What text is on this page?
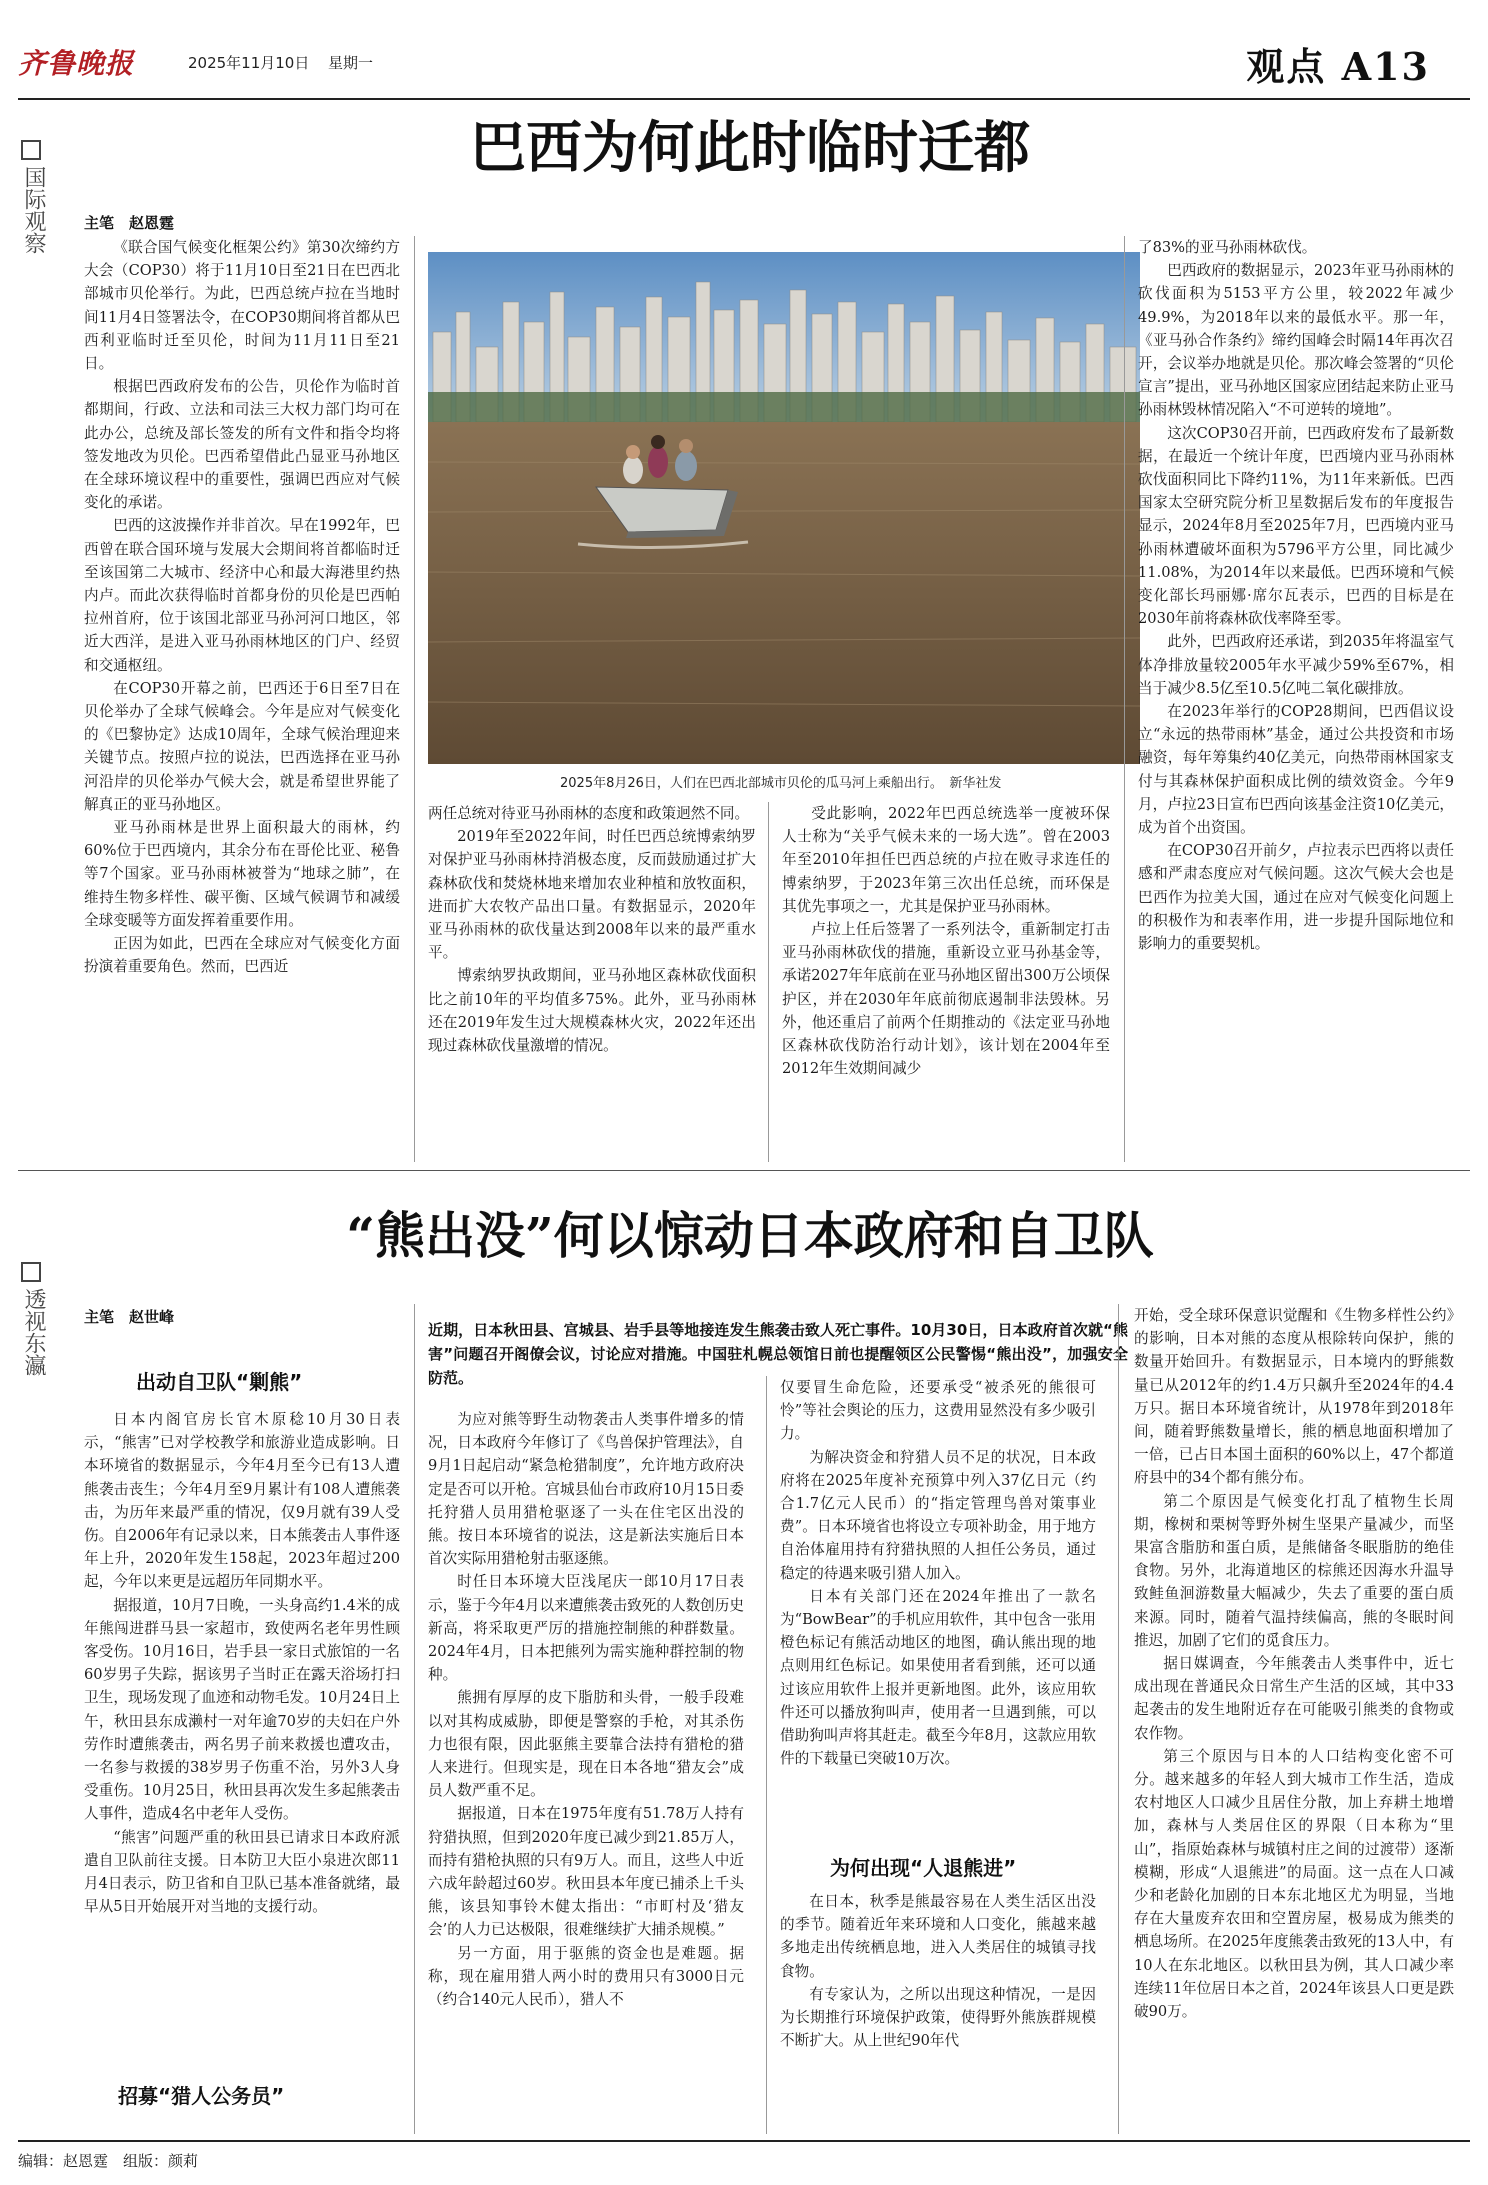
齐鲁晚报	2025年11月10日 星期一	观点 A13
国际观察
巴西为何此时临时迁都
主笔　赵恩霆

《联合国气候变化框架公约》第30次缔约方大会（COP30）将于11月10日至21日在巴西北部城市贝伦举行。为此，巴西总统卢拉在当地时间11月4日签署法令，在COP30期间将首都从巴西利亚临时迁至贝伦，时间为11月11日至21日。

根据巴西政府发布的公告，贝伦作为临时首都期间，行政、立法和司法三大权力部门均可在此办公，总统及部长签发的所有文件和指令均将签发地改为贝伦。巴西希望借此凸显亚马孙地区在全球环境议程中的重要性，强调巴西应对气候变化的承诺。

巴西的这波操作并非首次。早在1992年，巴西曾在联合国环境与发展大会期间将首都临时迁至该国第二大城市、经济中心和最大海港里约热内卢。而此次获得临时首都身份的贝伦是巴西帕拉州首府，位于该国北部亚马孙河河口地区，邻近大西洋，是进入亚马孙雨林地区的门户、经贸和交通枢纽。

在COP30开幕之前，巴西还于6日至7日在贝伦举办了全球气候峰会。今年是应对气候变化的《巴黎协定》达成10周年，全球气候治理迎来关键节点。按照卢拉的说法，巴西选择在亚马孙河沿岸的贝伦举办气候大会，就是希望世界能了解真正的亚马孙地区。

亚马孙雨林是世界上面积最大的雨林，约60%位于巴西境内，其余分布在哥伦比亚、秘鲁等7个国家。亚马孙雨林被誉为“地球之肺”，在维持生物多样性、碳平衡、区域气候调节和减缓全球变暖等方面发挥着重要作用。

正因为如此，巴西在全球应对气候变化方面扮演着重要角色。然而，巴西近

2025年8月26日，人们在巴西北部城市贝伦的瓜马河上乘船出行。　新华社发

两任总统对待亚马孙雨林的态度和政策迥然不同。

2019年至2022年间，时任巴西总统博索纳罗对保护亚马孙雨林持消极态度，反而鼓励通过扩大森林砍伐和焚烧林地来增加农业种植和放牧面积，进而扩大农牧产品出口量。有数据显示，2020年亚马孙雨林的砍伐量达到2008年以来的最严重水平。

博索纳罗执政期间，亚马孙地区森林砍伐面积比之前10年的平均值多75%。此外，亚马孙雨林还在2019年发生过大规模森林火灾，2022年还出现过森林砍伐量激增的情况。

受此影响，2022年巴西总统选举一度被环保人士称为“关乎气候未来的一场大选”。曾在2003年至2010年担任巴西总统的卢拉在败寻求连任的博索纳罗，于2023年第三次出任总统，而环保是其优先事项之一，尤其是保护亚马孙雨林。

卢拉上任后签署了一系列法令，重新制定打击亚马孙雨林砍伐的措施，重新设立亚马孙基金等，承诺2027年年底前在亚马孙地区留出300万公顷保护区，并在2030年年底前彻底遏制非法毁林。另外，他还重启了前两个任期推动的《法定亚马孙地区森林砍伐防治行动计划》，该计划在2004年至2012年生效期间减少

了83%的亚马孙雨林砍伐。

巴西政府的数据显示，2023年亚马孙雨林的砍伐面积为5153平方公里，较2022年减少49.9%，为2018年以来的最低水平。那一年，《亚马孙合作条约》缔约国峰会时隔14年再次召开，会议举办地就是贝伦。那次峰会签署的“贝伦宣言”提出，亚马孙地区国家应团结起来防止亚马孙雨林毁林情况陷入“不可逆转的境地”。

这次COP30召开前，巴西政府发布了最新数据，在最近一个统计年度，巴西境内亚马孙雨林砍伐面积同比下降约11%，为11年来新低。巴西国家太空研究院分析卫星数据后发布的年度报告显示，2024年8月至2025年7月，巴西境内亚马孙雨林遭破坏面积为5796平方公里，同比减少11.08%，为2014年以来最低。巴西环境和气候变化部长玛丽娜·席尔瓦表示，巴西的目标是在2030年前将森林砍伐率降至零。

此外，巴西政府还承诺，到2035年将温室气体净排放量较2005年水平减少59%至67%，相当于减少8.5亿至10.5亿吨二氧化碳排放。

在2023年举行的COP28期间，巴西倡议设立“永远的热带雨林”基金，通过公共投资和市场融资，每年筹集约40亿美元，向热带雨林国家支付与其森林保护面积成比例的绩效资金。今年9月，卢拉23日宣布巴西向该基金注资10亿美元，成为首个出资国。

在COP30召开前夕，卢拉表示巴西将以责任感和严肃态度应对气候问题。这次气候大会也是巴西作为拉美大国，通过在应对气候变化问题上的积极作为和表率作用，进一步提升国际地位和影响力的重要契机。

透视东瀛
“熊出没”何以惊动日本政府和自卫队
主笔　赵世峰
近期，日本秋田县、宫城县、岩手县等地接连发生熊袭击致人死亡事件。10月30日，日本政府首次就“熊害”问题召开阁僚会议，讨论应对措施。中国驻札幌总领馆日前也提醒领区公民警惕“熊出没”，加强安全防范。
出动自卫队“剿熊”

日本内阁官房长官木原稔10月30日表示，“熊害”已对学校教学和旅游业造成影响。日本环境省的数据显示，今年4月至今已有13人遭熊袭击丧生；今年4月至9月累计有108人遭熊袭击，为历年来最严重的情况，仅9月就有39人受伤。自2006年有记录以来，日本熊袭击人事件逐年上升，2020年发生158起，2023年超过200起，今年以来更是远超历年同期水平。

据报道，10月7日晚，一头身高约1.4米的成年熊闯进群马县一家超市，致使两名老年男性顾客受伤。10月16日，岩手县一家日式旅馆的一名60岁男子失踪，据该男子当时正在露天浴场打扫卫生，现场发现了血迹和动物毛发。10月24日上午，秋田县东成濑村一对年逾70岁的夫妇在户外劳作时遭熊袭击，两名男子前来救援也遭攻击，一名参与救援的38岁男子伤重不治，另外3人身受重伤。10月25日，秋田县再次发生多起熊袭击人事件，造成4名中老年人受伤。

“熊害”问题严重的秋田县已请求日本政府派遣自卫队前往支援。日本防卫大臣小泉进次郎11月4日表示，防卫省和自卫队已基本准备就绪，最早从5日开始展开对当地的支援行动。

招募“猎人公务员”

为应对熊等野生动物袭击人类事件增多的情况，日本政府今年修订了《鸟兽保护管理法》，自9月1日起启动“紧急枪猎制度”，允许地方政府决定是否可以开枪。宫城县仙台市政府10月15日委托狩猎人员用猎枪驱逐了一头在住宅区出没的熊。按日本环境省的说法，这是新法实施后日本首次实际用猎枪射击驱逐熊。

时任日本环境大臣浅尾庆一郎10月17日表示，鉴于今年4月以来遭熊袭击致死的人数创历史新高，将采取更严厉的措施控制熊的种群数量。2024年4月，日本把熊列为需实施种群控制的物种。

熊拥有厚厚的皮下脂肪和头骨，一般手段难以对其构成威胁，即便是警察的手枪，对其杀伤力也很有限，因此驱熊主要靠合法持有猎枪的猎人来进行。但现实是，现在日本各地“猎友会”成员人数严重不足。

据报道，日本在1975年度有51.78万人持有狩猎执照，但到2020年度已减少到21.85万人，而持有猎枪执照的只有9万人。而且，这些人中近六成年龄超过60岁。秋田县本年度已捕杀上千头熊，该县知事铃木健太指出：“市町村及‘猎友会’的人力已达极限，很难继续扩大捕杀规模。”

另一方面，用于驱熊的资金也是难题。据称，现在雇用猎人两小时的费用只有3000日元（约合140元人民币），猎人不

仅要冒生命危险，还要承受“被杀死的熊很可怜”等社会舆论的压力，这费用显然没有多少吸引力。

为解决资金和狩猎人员不足的状况，日本政府将在2025年度补充预算中列入37亿日元（约合1.7亿元人民币）的“指定管理鸟兽对策事业费”。日本环境省也将设立专项补助金，用于地方自治体雇用持有狩猎执照的人担任公务员，通过稳定的待遇来吸引猎人加入。

日本有关部门还在2024年推出了一款名为“BowBear”的手机应用软件，其中包含一张用橙色标记有熊活动地区的地图，确认熊出现的地点则用红色标记。如果使用者看到熊，还可以通过该应用软件上报并更新地图。此外，该应用软件还可以播放狗叫声，使用者一旦遇到熊，可以借助狗叫声将其赶走。截至今年8月，这款应用软件的下载量已突破10万次。

为何出现“人退熊进”

在日本，秋季是熊最容易在人类生活区出没的季节。随着近年来环境和人口变化，熊越来越多地走出传统栖息地，进入人类居住的城镇寻找食物。

有专家认为，之所以出现这种情况，一是因为长期推行环境保护政策，使得野外熊族群规模不断扩大。从上世纪90年代

开始，受全球环保意识觉醒和《生物多样性公约》的影响，日本对熊的态度从根除转向保护，熊的数量开始回升。有数据显示，日本境内的野熊数量已从2012年的约1.4万只飙升至2024年的4.4万只。据日本环境省统计，从1978年到2018年间，随着野熊数量增长，熊的栖息地面积增加了一倍，已占日本国土面积的60%以上，47个都道府县中的34个都有熊分布。

第二个原因是气候变化打乱了植物生长周期，橡树和栗树等野外树生坚果产量减少，而坚果富含脂肪和蛋白质，是熊储备冬眠脂肪的绝佳食物。另外，北海道地区的棕熊还因海水升温导致鲑鱼洄游数量大幅减少，失去了重要的蛋白质来源。同时，随着气温持续偏高，熊的冬眠时间推迟，加剧了它们的觅食压力。

据日媒调查，今年熊袭击人类事件中，近七成出现在普通民众日常生产生活的区域，其中33起袭击的发生地附近存在可能吸引熊类的食物或农作物。

第三个原因与日本的人口结构变化密不可分。越来越多的年轻人到大城市工作生活，造成农村地区人口减少且居住分散，加上弃耕土地增加，森林与人类居住区的界限（日本称为“里山”，指原始森林与城镇村庄之间的过渡带）逐渐模糊，形成“人退熊进”的局面。这一点在人口减少和老龄化加剧的日本东北地区尤为明显，当地存在大量废弃农田和空置房屋，极易成为熊类的栖息场所。在2025年度熊袭击致死的13人中，有10人在东北地区。以秋田县为例，其人口减少率连续11年位居日本之首，2024年该县人口更是跌破90万。

编辑：赵恩霆　组版：颜莉
